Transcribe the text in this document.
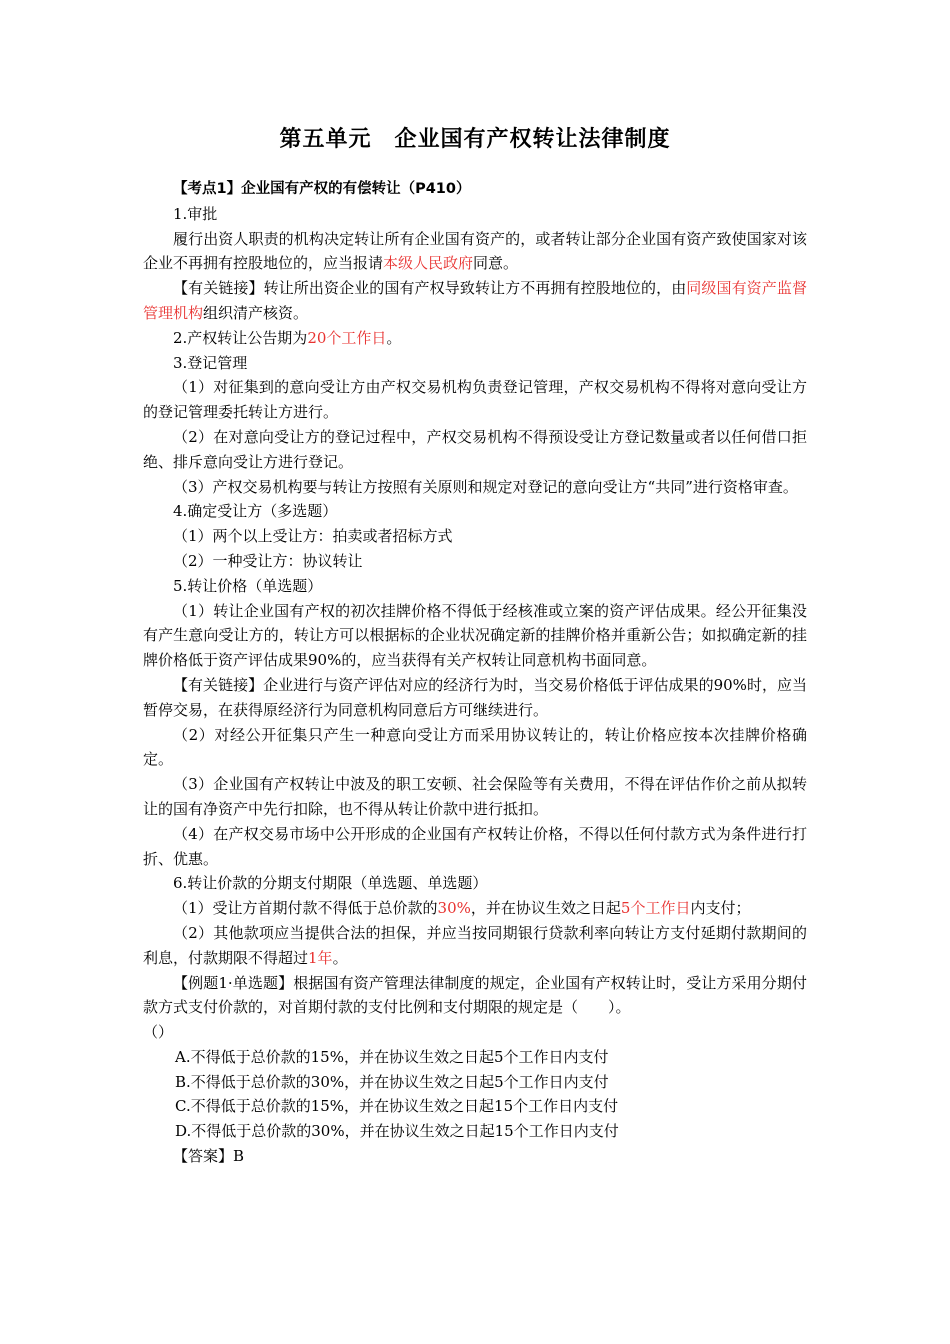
第五单元　企业国有产权转让法律制度

【考点1】企业国有产权的有偿转让（P410）

1.审批

履行出资人职责的机构决定转让所有企业国有资产的，或者转让部分企业国有资产致使国家对该企业不再拥有控股地位的，应当报请本级人民政府同意。

【有关链接】转让所出资企业的国有产权导致转让方不再拥有控股地位的，由同级国有资产监督管理机构组织清产核资。

2.产权转让公告期为20个工作日。

3.登记管理

（1）对征集到的意向受让方由产权交易机构负责登记管理，产权交易机构不得将对意向受让方的登记管理委托转让方进行。

（2）在对意向受让方的登记过程中，产权交易机构不得预设受让方登记数量或者以任何借口拒绝、排斥意向受让方进行登记。

（3）产权交易机构要与转让方按照有关原则和规定对登记的意向受让方“共同”进行资格审查。

4.确定受让方（多选题）

（1）两个以上受让方：拍卖或者招标方式

（2）一种受让方：协议转让

5.转让价格（单选题）

（1）转让企业国有产权的初次挂牌价格不得低于经核准或立案的资产评估成果。经公开征集没有产生意向受让方的，转让方可以根据标的企业状况确定新的挂牌价格并重新公告；如拟确定新的挂牌价格低于资产评估成果90%的，应当获得有关产权转让同意机构书面同意。

【有关链接】企业进行与资产评估对应的经济行为时，当交易价格低于评估成果的90%时，应当暂停交易，在获得原经济行为同意机构同意后方可继续进行。

（2）对经公开征集只产生一种意向受让方而采用协议转让的，转让价格应按本次挂牌价格确定。

（3）企业国有产权转让中波及的职工安顿、社会保险等有关费用，不得在评估作价之前从拟转让的国有净资产中先行扣除，也不得从转让价款中进行抵扣。

（4）在产权交易市场中公开形成的企业国有产权转让价格，不得以任何付款方式为条件进行打折、优惠。

6.转让价款的分期支付期限（单选题、单选题）

（1）受让方首期付款不得低于总价款的30%，并在协议生效之日起5个工作日内支付；

（2）其他款项应当提供合法的担保，并应当按同期银行贷款利率向转让方支付延期付款期间的利息，付款期限不得超过1年。

【例题1·单选题】根据国有资产管理法律制度的规定，企业国有产权转让时，受让方采用分期付款方式支付价款的，对首期付款的支付比例和支付期限的规定是（　　）。

（）

A.不得低于总价款的15%，并在协议生效之日起5个工作日内支付

B.不得低于总价款的30%，并在协议生效之日起5个工作日内支付

C.不得低于总价款的15%，并在协议生效之日起15个工作日内支付

D.不得低于总价款的30%，并在协议生效之日起15个工作日内支付

【答案】B
